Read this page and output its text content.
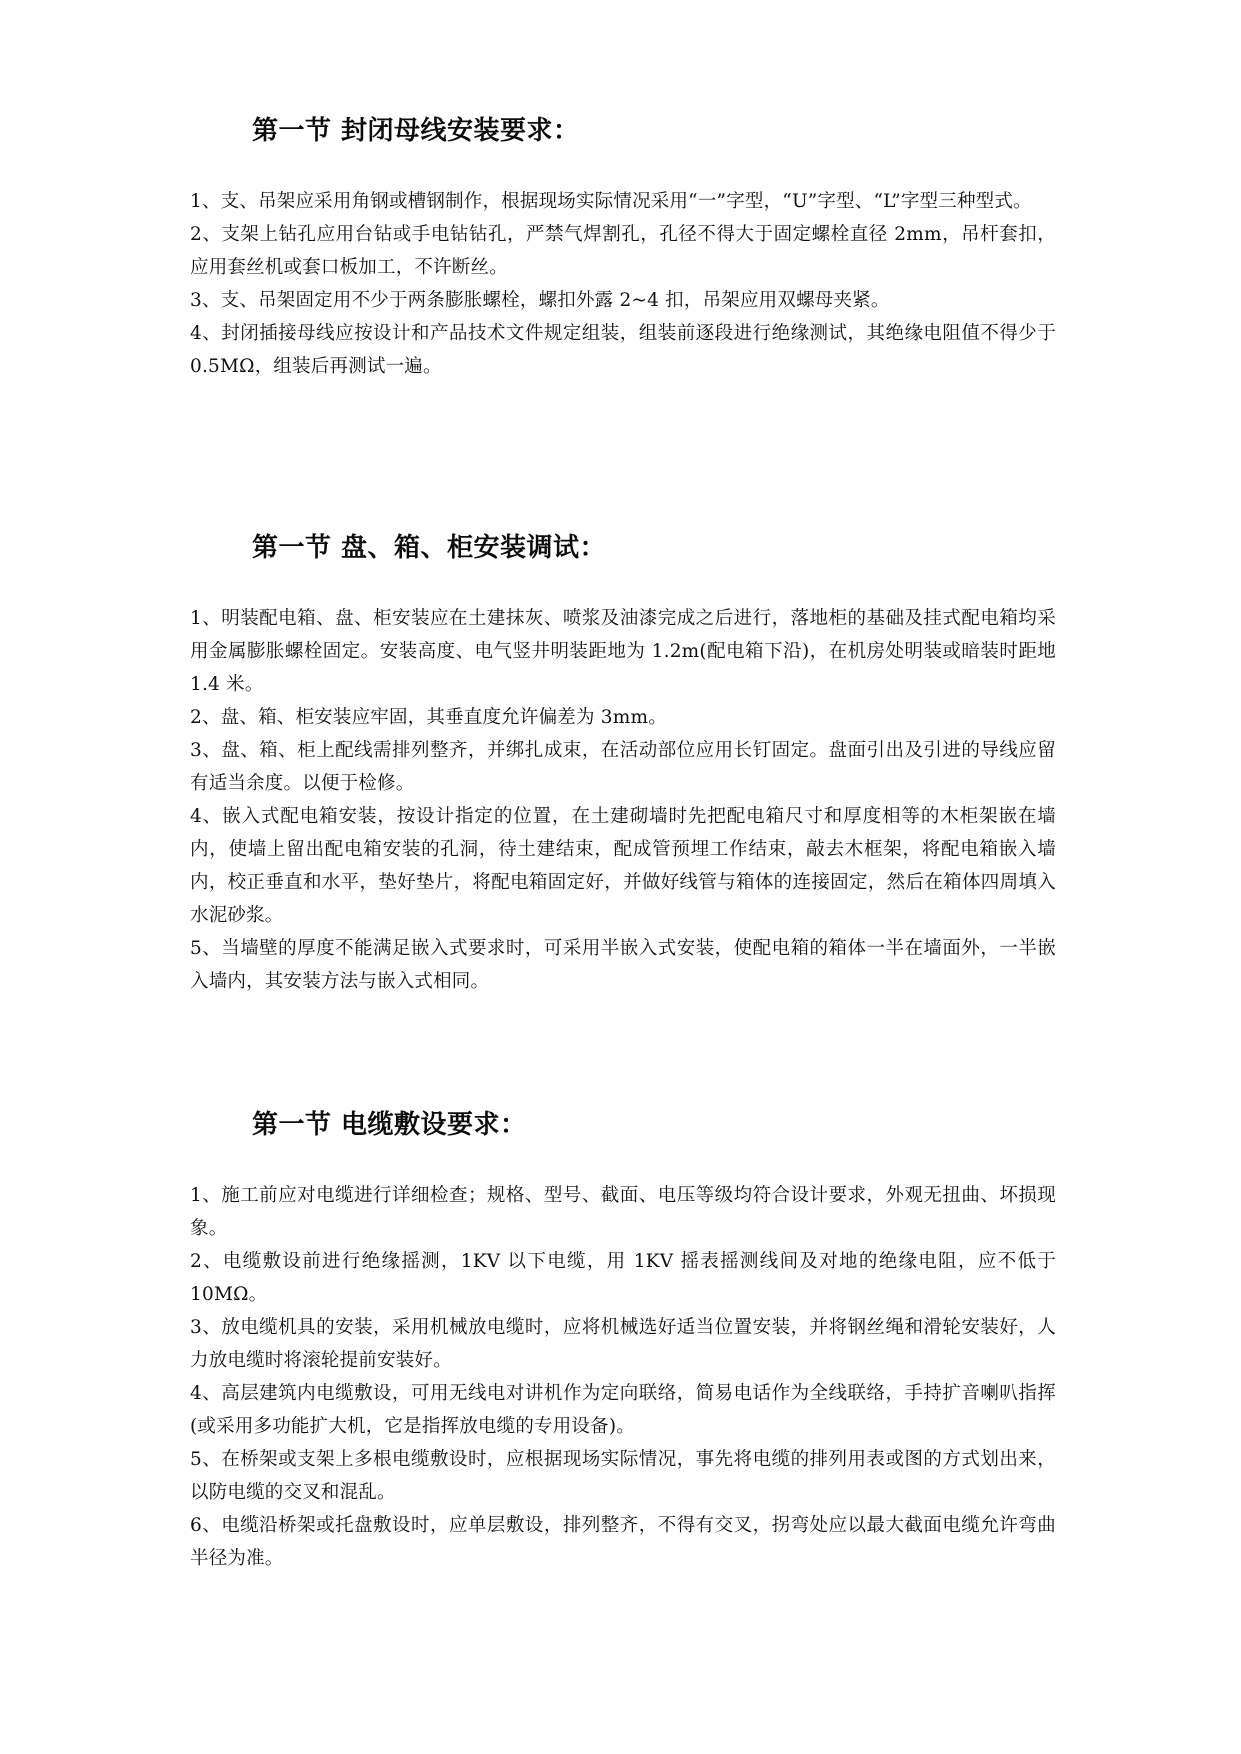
第一节 封闭母线安装要求：

1、支、吊架应采用角钢或槽钢制作，根据现场实际情况采用“一”字型，“U”字型、“L”字型三种型式。

2、支架上钻孔应用台钻或手电钻钻孔，严禁气焊割孔，孔径不得大于固定螺栓直径 2mm，吊杆套扣，应用套丝机或套口板加工，不许断丝。

3、支、吊架固定用不少于两条膨胀螺栓，螺扣外露 2~4 扣，吊架应用双螺母夹紧。

4、封闭插接母线应按设计和产品技术文件规定组装，组装前逐段进行绝缘测试，其绝缘电阻值不得少于 0.5MΩ，组装后再测试一遍。

第一节 盘、箱、柜安装调试：

1、明装配电箱、盘、柜安装应在土建抹灰、喷浆及油漆完成之后进行，落地柜的基础及挂式配电箱均采用金属膨胀螺栓固定。安装高度、电气竖井明装距地为 1.2m(配电箱下沿)，在机房处明装或暗装时距地 1.4 米。

2、盘、箱、柜安装应牢固，其垂直度允许偏差为 3mm。

3、盘、箱、柜上配线需排列整齐，并绑扎成束，在活动部位应用长钉固定。盘面引出及引进的导线应留有适当余度。以便于检修。

4、嵌入式配电箱安装，按设计指定的位置，在土建砌墙时先把配电箱尺寸和厚度相等的木柜架嵌在墙内，使墙上留出配电箱安装的孔洞，待土建结束，配成管预埋工作结束，敲去木框架，将配电箱嵌入墙内，校正垂直和水平，垫好垫片，将配电箱固定好，并做好线管与箱体的连接固定，然后在箱体四周填入水泥砂浆。

5、当墙壁的厚度不能满足嵌入式要求时，可采用半嵌入式安装，使配电箱的箱体一半在墙面外，一半嵌入墙内，其安装方法与嵌入式相同。

第一节 电缆敷设要求：

1、施工前应对电缆进行详细检查；规格、型号、截面、电压等级均符合设计要求，外观无扭曲、坏损现象。

2、电缆敷设前进行绝缘摇测，1KV 以下电缆，用 1KV 摇表摇测线间及对地的绝缘电阻，应不低于 10MΩ。

3、放电缆机具的安装，采用机械放电缆时，应将机械选好适当位置安装，并将钢丝绳和滑轮安装好，人力放电缆时将滚轮提前安装好。

4、高层建筑内电缆敷设，可用无线电对讲机作为定向联络，简易电话作为全线联络，手持扩音喇叭指挥(或采用多功能扩大机，它是指挥放电缆的专用设备)。

5、在桥架或支架上多根电缆敷设时，应根据现场实际情况，事先将电缆的排列用表或图的方式划出来，以防电缆的交叉和混乱。

6、电缆沿桥架或托盘敷设时，应单层敷设，排列整齐，不得有交叉，拐弯处应以最大截面电缆允许弯曲半径为准。
